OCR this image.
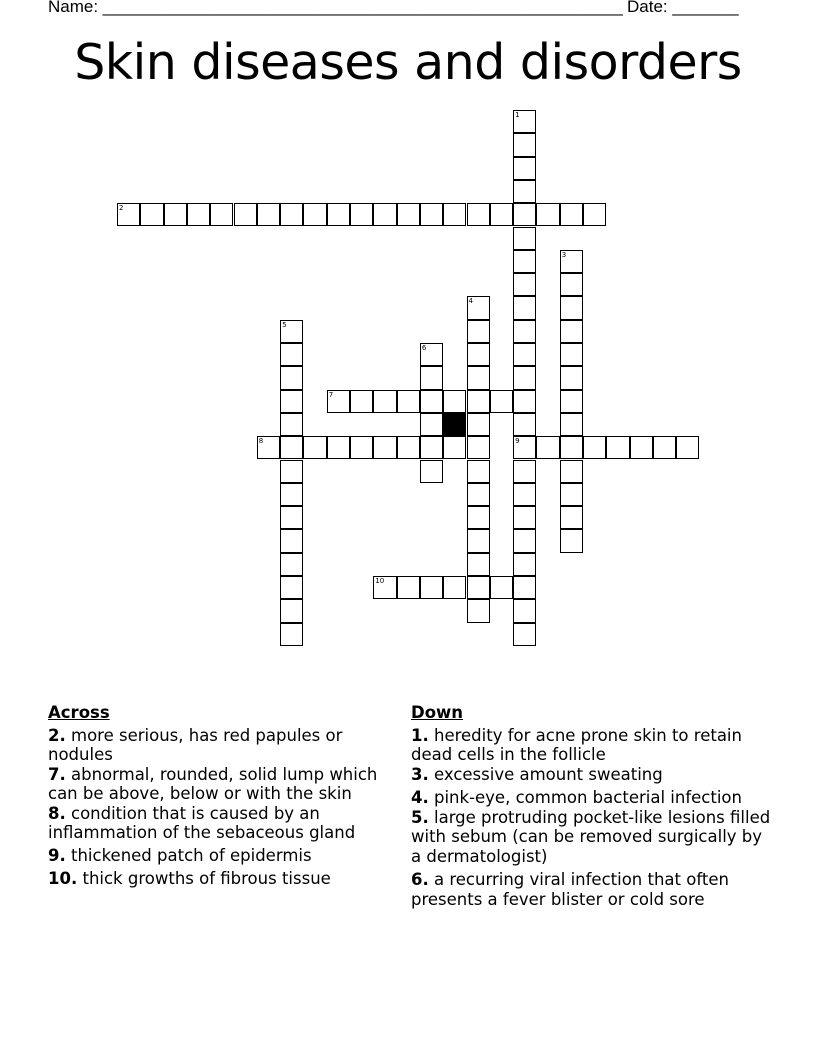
Name: _______________________________________________________ Date: _______
Skin diseases and disorders
1
9
2
3
4
5
6
7
8
10
Across
2. more serious, has red papules or nodules
7. abnormal, rounded, solid lump which can be above, below or with the skin
8. condition that is caused by an inflammation of the sebaceous gland
9. thickened patch of epidermis
10. thick growths of fibrous tissue
Down
1. heredity for acne prone skin to retain dead cells in the follicle
3. excessive amount sweating
4. pink-eye, common bacterial infection
5. large protruding pocket-like lesions filled with sebum (can be removed surgically by a dermatologist)
6. a recurring viral infection that often presents a fever blister or cold sore
